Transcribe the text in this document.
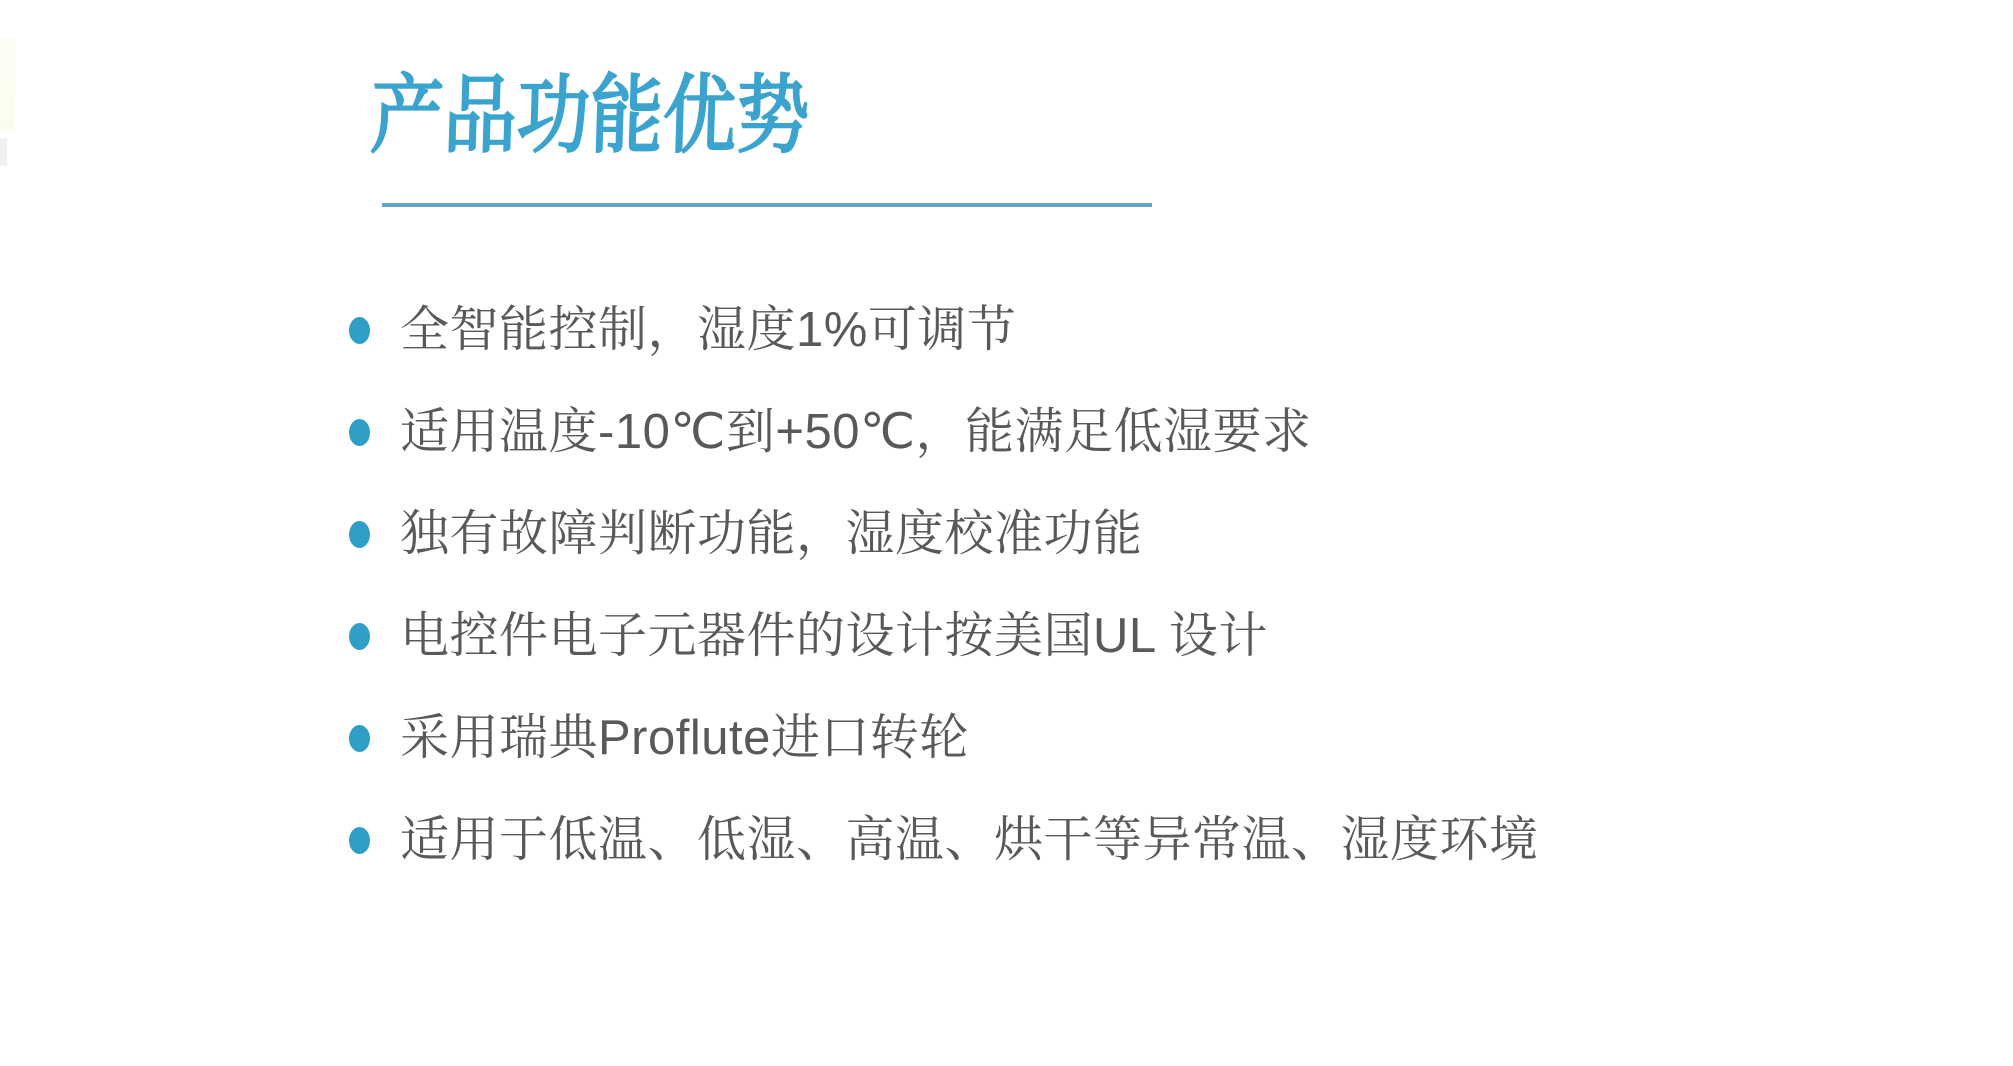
产品功能优势
全智能控制，湿度1%可调节
适用温度-10℃到+50℃，能满足低湿要求
独有故障判断功能，湿度校准功能
电控件电子元器件的设计按美国UL 设计
采用瑞典Proflute进口转轮
适用于低温、低湿、高温、烘干等异常温、湿度环境
